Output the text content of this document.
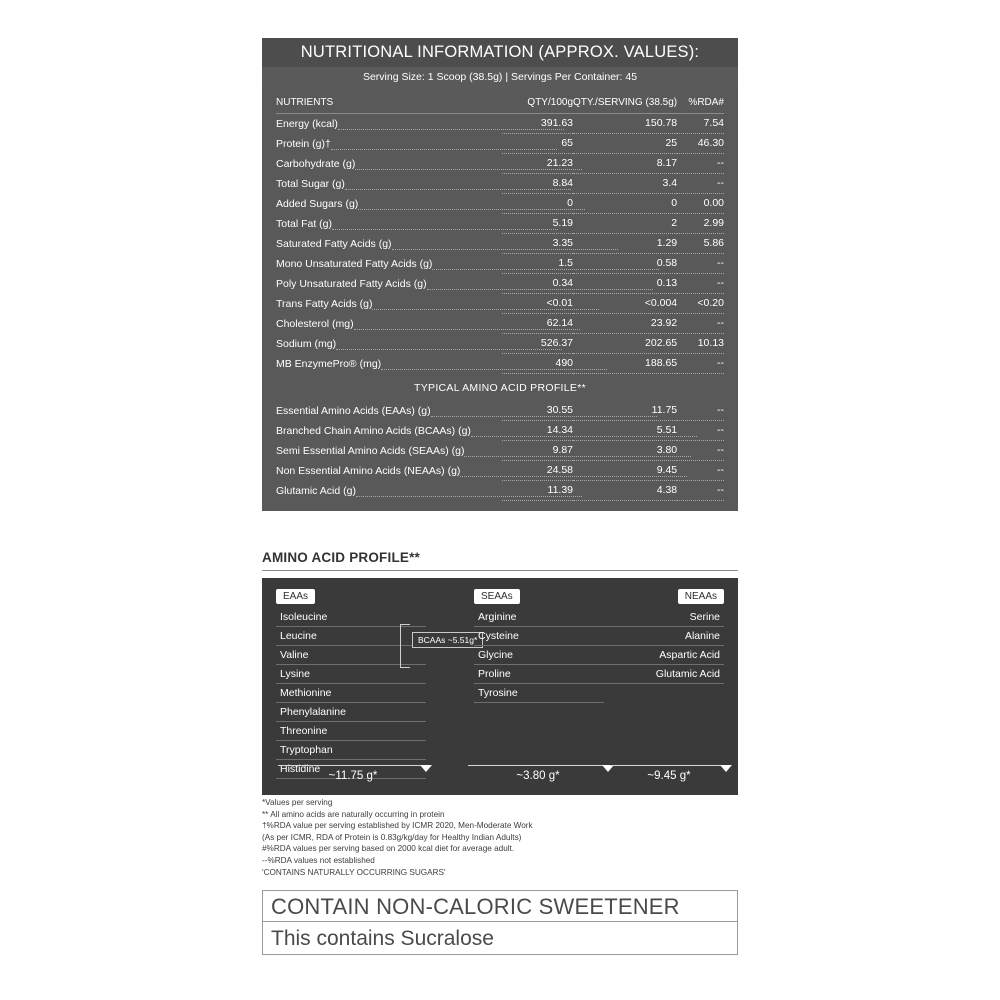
NUTRITIONAL INFORMATION (APPROX. VALUES):
Serving Size: 1 Scoop (38.5g) | Servings Per Container: 45
NUTRIENTS	QTY/100g	QTY./SERVING (38.5g)	%RDA#
Energy (kcal)	391.63	150.78	7.54
Protein (g)†	65	25	46.30
Carbohydrate (g)	21.23	8.17	--
Total Sugar (g)	8.84	3.4	--
Added Sugars (g)	0	0	0.00
Total Fat (g)	5.19	2	2.99
Saturated Fatty Acids (g)	3.35	1.29	5.86
Mono Unsaturated Fatty Acids (g)	1.5	0.58	--
Poly Unsaturated Fatty Acids (g)	0.34	0.13	--
Trans Fatty Acids (g)	<0.01	<0.004	<0.20
Cholesterol (mg)	62.14	23.92	--
Sodium (mg)	526.37	202.65	10.13
MB EnzymePro® (mg)	490	188.65	--
TYPICAL AMINO ACID PROFILE**			
Essential Amino Acids (EAAs) (g)	30.55	11.75	--
Branched Chain Amino Acids (BCAAs) (g)	14.34	5.51	--
Semi Essential Amino Acids (SEAAs) (g)	9.87	3.80	--
Non Essential Amino Acids (NEAAs) (g)	24.58	9.45	--
Glutamic Acid (g)	11.39	4.38	--
AMINO ACID PROFILE**
EAAs
Isoleucine
Leucine
Valine
Lysine
Methionine
Phenylalanine
Threonine
Tryptophan
Histidine
BCAAs ~5.51g*
SEAAs
Arginine
Cysteine
Glycine
Proline
Tyrosine
NEAAs
Serine
Alanine
Aspartic Acid
Glutamic Acid
~11.75 g*	~3.80 g*	~9.45 g*
*Values per serving
** All amino acids are naturally occurring in protein
†%RDA value per serving established by ICMR 2020, Men-Moderate Work
(As per ICMR, RDA of Protein is 0.83g/kg/day for Healthy Indian Adults)
#%RDA values per serving based on 2000 kcal diet for average adult.
--%RDA values not established
'CONTAINS NATURALLY OCCURRING SUGARS'
CONTAIN NON-CALORIC SWEETENER
This contains Sucralose
